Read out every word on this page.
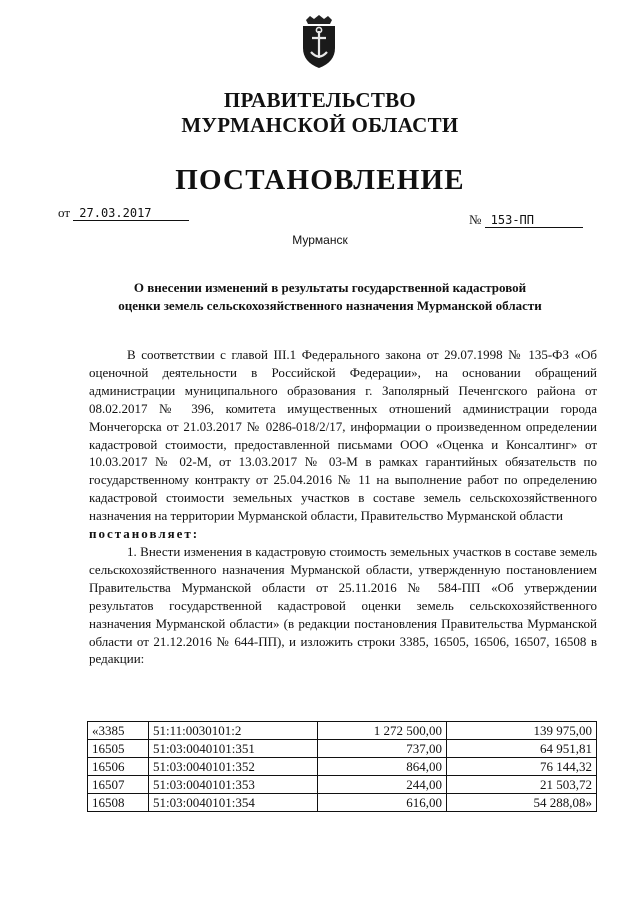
ПРАВИТЕЛЬСТВО
МУРМАНСКОЙ ОБЛАСТИ
ПОСТАНОВЛЕНИЕ
от 27.03.2017	№ 153-ПП
Мурманск
О внесении изменений в результаты государственной кадастровой
оценки земель сельскохозяйственного назначения Мурманской области

В соответствии с главой III.1 Федерального закона от 29.07.1998 № 135-ФЗ «Об оценочной деятельности в Российской Федерации», на основании обращений администрации муниципального образования г. Заполярный Печенгского района от 08.02.2017 № 396, комитета имущественных отношений администрации города Мончегорска от 21.03.2017 № 0286-018/2/17, информации о произведенном определении кадастровой стоимости, предоставленной письмами ООО «Оценка и Консалтинг» от 10.03.2017 № 02-М, от 13.03.2017 № 03-М в рамках гарантийных обязательств по государственному контракту от 25.04.2016 № 11 на выполнение работ по определению кадастровой стоимости земельных участков в составе земель сельскохозяйственного назначения на территории Мурманской области, Правительство Мурманской области

постановляет:

1. Внести изменения в кадастровую стоимость земельных участков в составе земель сельскохозяйственного назначения Мурманской области, утвержденную постановлением Правительства Мурманской области от 25.11.2016 № 584-ПП «Об утверждении результатов государственной кадастровой оценки земель сельскохозяйственного назначения Мурманской области» (в редакции постановления Правительства Мурманской области от 21.12.2016 № 644-ПП), и изложить строки 3385, 16505, 16506, 16507, 16508 в редакции:

«3385	51:11:0030101:2	1 272 500,00	139 975,00
16505	51:03:0040101:351	737,00	64 951,81
16506	51:03:0040101:352	864,00	76 144,32
16507	51:03:0040101:353	244,00	21 503,72
16508	51:03:0040101:354	616,00	54 288,08»
